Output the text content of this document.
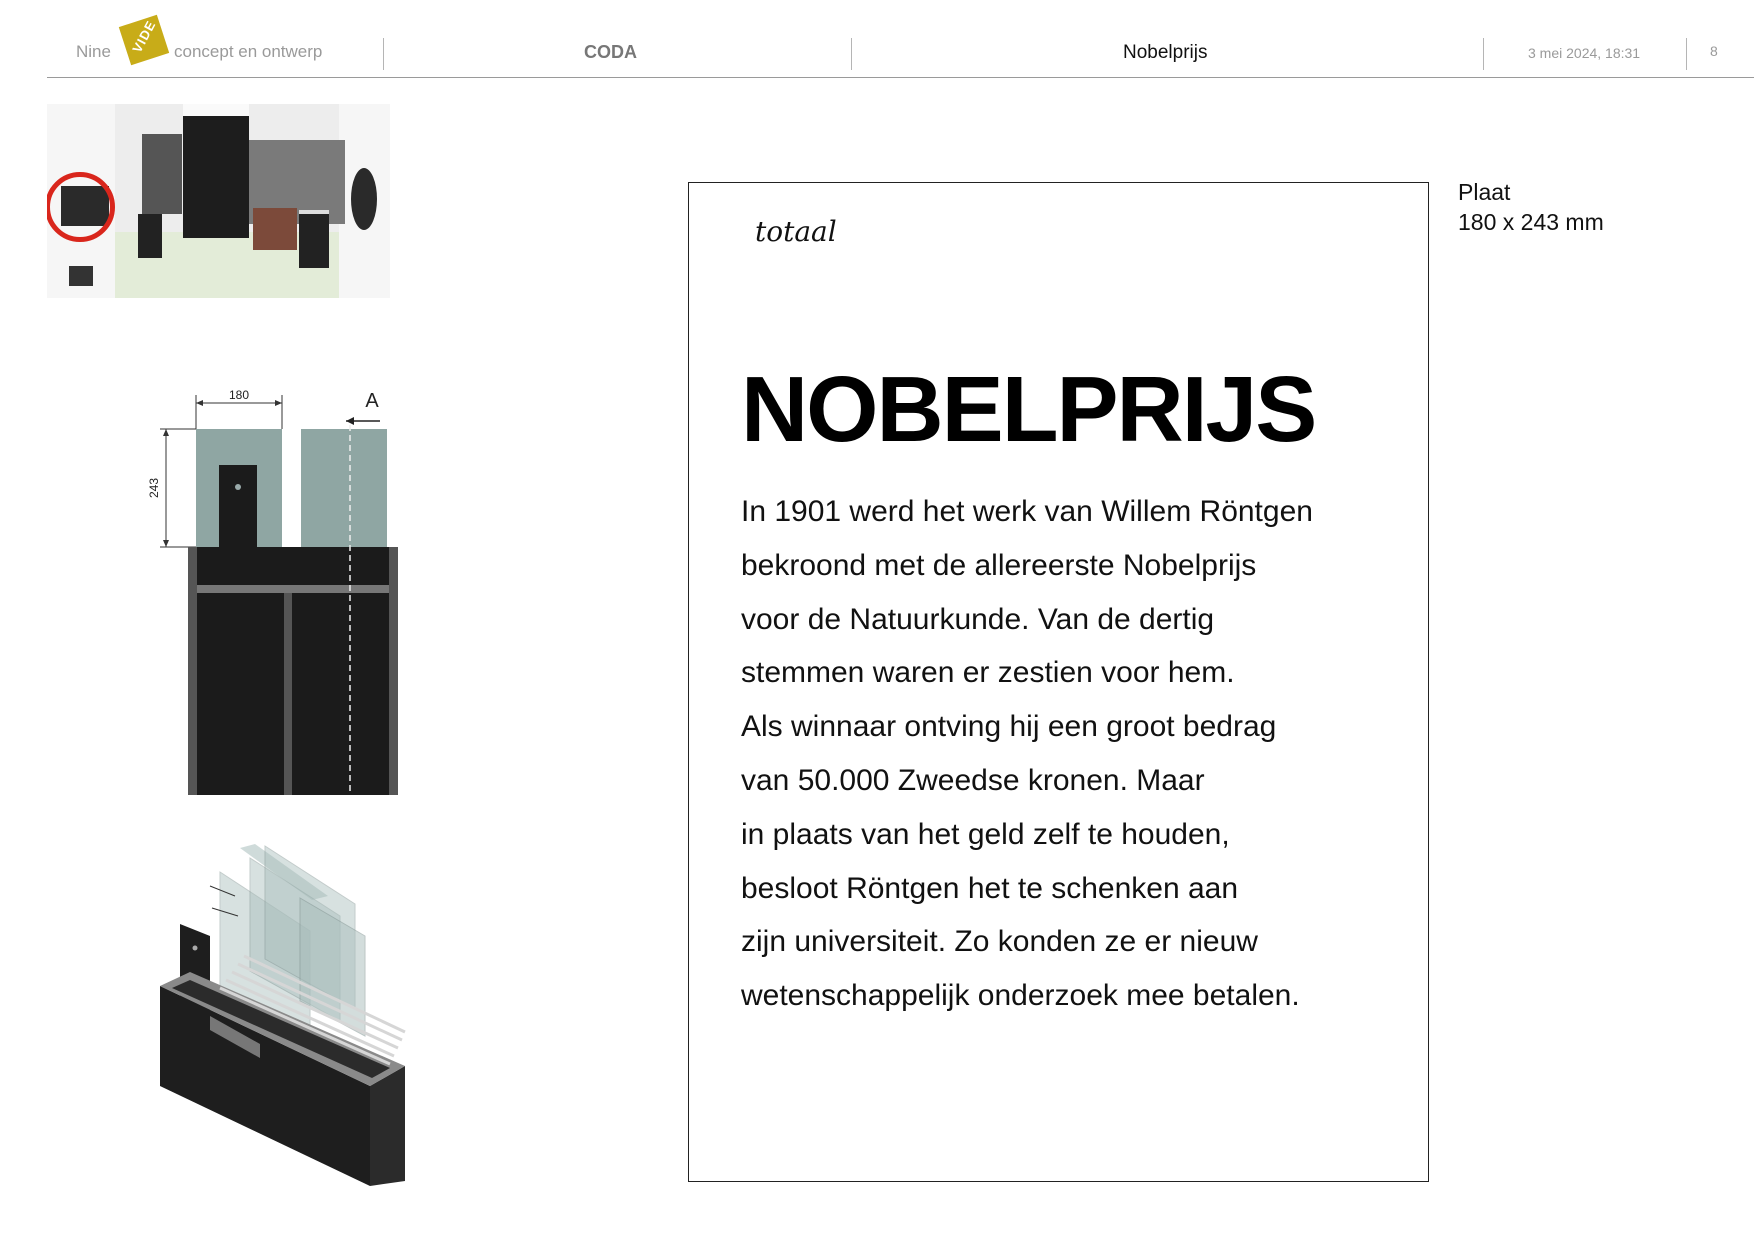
Nine	VIDE concept en ontwerp	CODA	Nobelprijs	3 mei 2024, 18:31	8
180
243
A
totaal
NOBELPRIJS
In 1901 werd het werk van Willem Röntgen
bekroond met de allereerste Nobelprijs
voor de Natuurkunde. Van de dertig
stemmen waren er zestien voor hem.
Als winnaar ontving hij een groot bedrag
van 50.000 Zweedse kronen. Maar
in plaats van het geld zelf te houden,
besloot Röntgen het te schenken aan
zijn universiteit. Zo konden ze er nieuw
wetenschappelijk onderzoek mee betalen.
Plaat
180 x 243 mm
